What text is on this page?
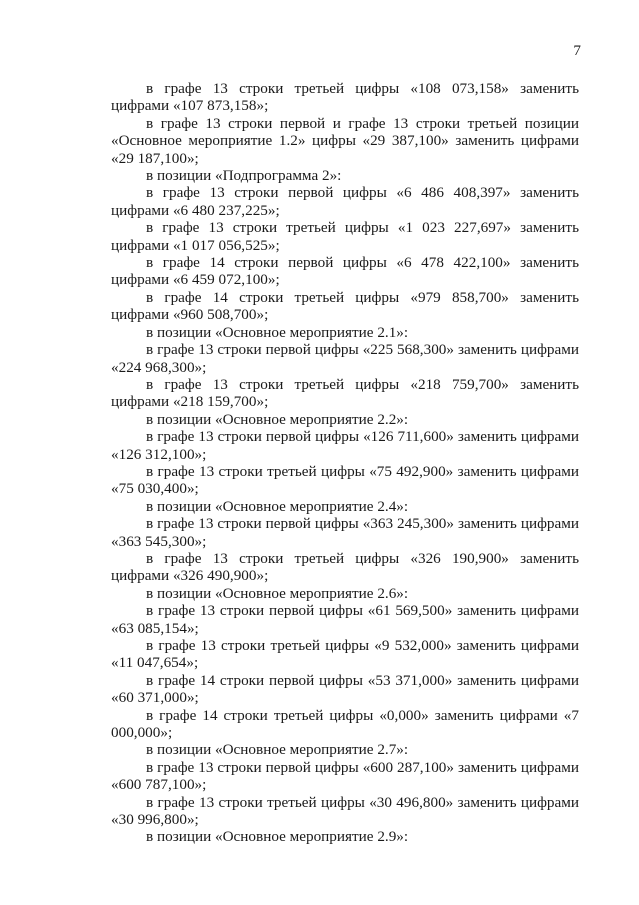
7

в графе 13 строки третьей цифры «108 073,158» заменить цифрами «107 873,158»;

в графе 13 строки первой и графе 13 строки третьей позиции «Основное мероприятие 1.2» цифры «29 387,100» заменить цифрами «29 187,100»;

в позиции «Подпрограмма 2»:

в графе 13 строки первой цифры «6 486 408,397» заменить цифрами «6 480 237,225»;

в графе 13 строки третьей цифры «1 023 227,697» заменить цифрами «1 017 056,525»;

в графе 14 строки первой цифры «6 478 422,100» заменить цифрами «6 459 072,100»;

в графе 14 строки третьей цифры «979 858,700» заменить цифрами «960 508,700»;

в позиции «Основное мероприятие 2.1»:

в графе 13 строки первой цифры «225 568,300» заменить цифрами «224 968,300»;

в графе 13 строки третьей цифры «218 759,700» заменить цифрами «218 159,700»;

в позиции «Основное мероприятие 2.2»:

в графе 13 строки первой цифры «126 711,600» заменить цифрами «126 312,100»;

в графе 13 строки третьей цифры «75 492,900» заменить цифрами «75 030,400»;

в позиции «Основное мероприятие 2.4»:

в графе 13 строки первой цифры «363 245,300» заменить цифрами «363 545,300»;

в графе 13 строки третьей цифры «326 190,900» заменить цифрами «326 490,900»;

в позиции «Основное мероприятие 2.6»:

в графе 13 строки первой цифры «61 569,500» заменить цифрами «63 085,154»;

в графе 13 строки третьей цифры «9 532,000» заменить цифрами «11 047,654»;

в графе 14 строки первой цифры «53 371,000» заменить цифрами «60 371,000»;

в графе 14 строки третьей цифры «0,000» заменить цифрами «7 000,000»;

в позиции «Основное мероприятие 2.7»:

в графе 13 строки первой цифры «600 287,100» заменить цифрами «600 787,100»;

в графе 13 строки третьей цифры «30 496,800» заменить цифрами «30 996,800»;

в позиции «Основное мероприятие 2.9»:
